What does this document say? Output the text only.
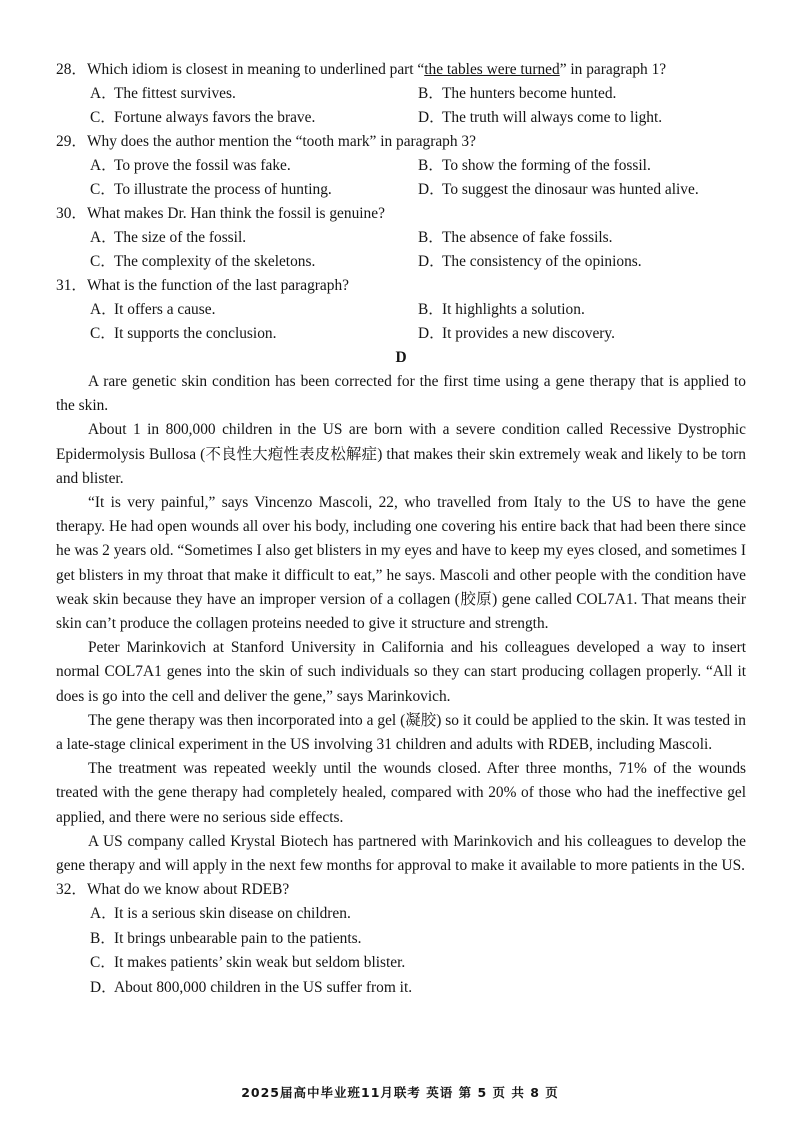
28． Which idiom is closest in meaning to underlined part “the tables were turned” in paragraph 1?
A．The fittest survives.	B．The hunters become hunted.
C．Fortune always favors the brave.	D．The truth will always come to light.
29． Why does the author mention the “tooth mark” in paragraph 3?
A．To prove the fossil was fake.	B．To show the forming of the fossil.
C．To illustrate the process of hunting.	D．To suggest the dinosaur was hunted alive.
30． What makes Dr. Han think the fossil is genuine?
A．The size of the fossil.	B．The absence of fake fossils.
C．The complexity of the skeletons.	D．The consistency of the opinions.
31． What is the function of the last paragraph?
A．It offers a cause.	B．It highlights a solution.
C．It supports the conclusion.	D．It provides a new discovery.
D

A rare genetic skin condition has been corrected for the first time using a gene therapy that is applied to the skin.

About 1 in 800,000 children in the US are born with a severe condition called Recessive Dystrophic Epidermolysis Bullosa (不良性大疱性表皮松解症) that makes their skin extremely weak and likely to be torn and blister.

“It is very painful,” says Vincenzo Mascoli, 22, who travelled from Italy to the US to have the gene therapy. He had open wounds all over his body, including one covering his entire back that had been there since he was 2 years old. “Sometimes I also get blisters in my eyes and have to keep my eyes closed, and sometimes I get blisters in my throat that make it difficult to eat,” he says. Mascoli and other people with the condition have weak skin because they have an improper version of a collagen (胶原) gene called COL7A1. That means their skin can’t produce the collagen proteins needed to give it structure and strength.

Peter Marinkovich at Stanford University in California and his colleagues developed a way to insert normal COL7A1 genes into the skin of such individuals so they can start producing collagen properly. “All it does is go into the cell and deliver the gene,” says Marinkovich.

The gene therapy was then incorporated into a gel (凝胶) so it could be applied to the skin. It was tested in a late-stage clinical experiment in the US involving 31 children and adults with RDEB, including Mascoli.

The treatment was repeated weekly until the wounds closed. After three months, 71% of the wounds treated with the gene therapy had completely healed, compared with 20% of those who had the ineffective gel applied, and there were no serious side effects.

A US company called Krystal Biotech has partnered with Marinkovich and his colleagues to develop the gene therapy and will apply in the next few months for approval to make it available to more patients in the US.

32． What do we know about RDEB?
A．It is a serious skin disease on children.
B．It brings unbearable pain to the patients.
C．It makes patients’ skin weak but seldom blister.
D．About 800,000 children in the US suffer from it.
2025届高中毕业班11月联考 英语 第 5 页 共 8 页
